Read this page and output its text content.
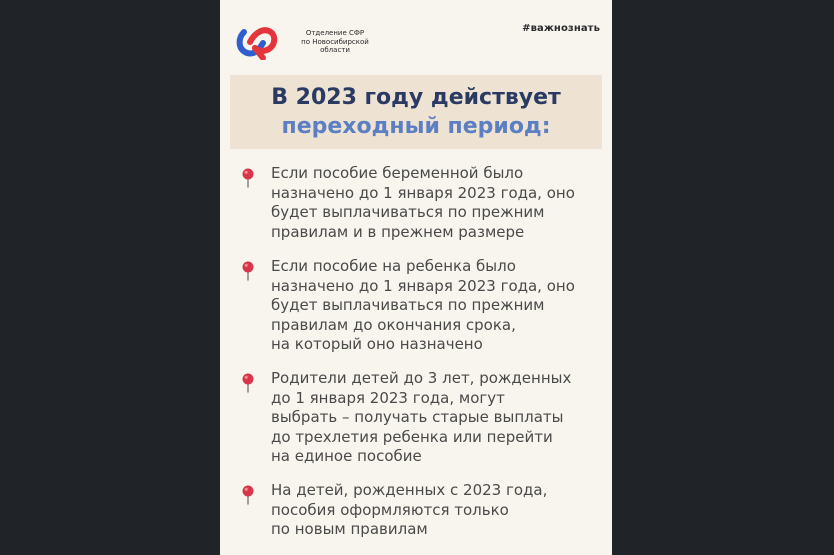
Отделение СФР
по Новосибирской
области
#важнознать
В 2023 году действует
переходный период:
Если пособие беременной было
назначено до 1 января 2023 года, оно
будет выплачиваться по прежним
правилам и в прежнем размере
Если пособие на ребенка было
назначено до 1 января 2023 года, оно
будет выплачиваться по прежним
правилам до окончания срока,
на который оно назначено
Родители детей до 3 лет, рожденных
до 1 января 2023 года, могут
выбрать – получать старые выплаты
до трехлетия ребенка или перейти
на единое пособие
На детей, рожденных с 2023 года,
пособия оформляются только
по новым правилам
